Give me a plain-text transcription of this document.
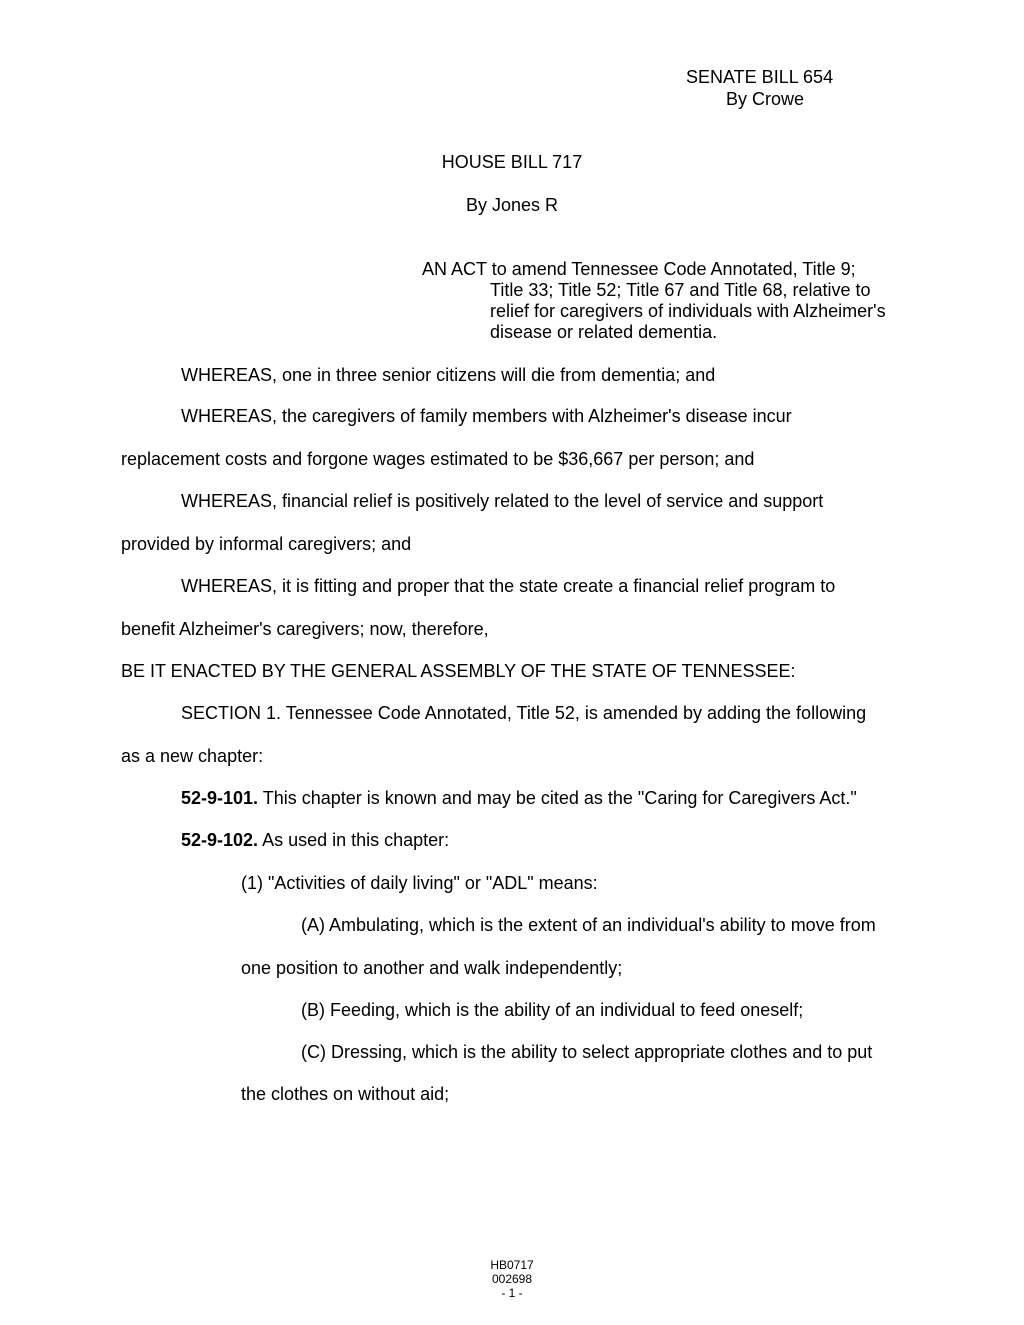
SENATE BILL 654
By Crowe
HOUSE BILL 717
By Jones R
AN ACT to amend Tennessee Code Annotated, Title 9;
Title 33; Title 52; Title 67 and Title 68, relative to
relief for caregivers of individuals with Alzheimer's
disease or related dementia.
WHEREAS, one in three senior citizens will die from dementia; and
WHEREAS, the caregivers of family members with Alzheimer's disease incur
replacement costs and forgone wages estimated to be $36,667 per person; and
WHEREAS, financial relief is positively related to the level of service and support
provided by informal caregivers; and
WHEREAS, it is fitting and proper that the state create a financial relief program to
benefit Alzheimer's caregivers; now, therefore,
BE IT ENACTED BY THE GENERAL ASSEMBLY OF THE STATE OF TENNESSEE:
SECTION 1. Tennessee Code Annotated, Title 52, is amended by adding the following
as a new chapter:
52-9-101. This chapter is known and may be cited as the "Caring for Caregivers Act."
52-9-102. As used in this chapter:
(1) "Activities of daily living" or "ADL" means:
(A) Ambulating, which is the extent of an individual's ability to move from
one position to another and walk independently;
(B) Feeding, which is the ability of an individual to feed oneself;
(C) Dressing, which is the ability to select appropriate clothes and to put
the clothes on without aid;
HB0717
002698
- 1 -
